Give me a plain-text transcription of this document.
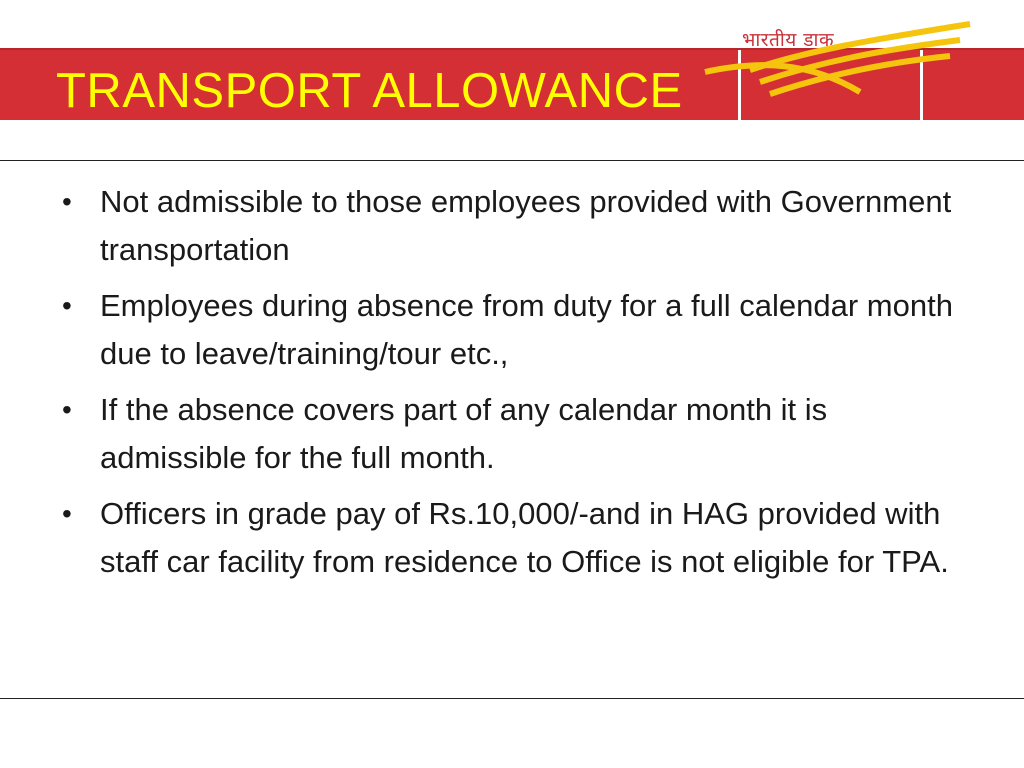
भारतीय डाक
TRANSPORT ALLOWANCE
• Not admissible to those employees provided with Government transportation
• Employees during absence from duty for a full calendar month due to leave/training/tour etc.,
• If the absence covers part of any calendar month it is admissible for the full month.
• Officers in grade pay of Rs.10,000/-and in HAG provided with staff car facility from residence to Office is not eligible for TPA.
